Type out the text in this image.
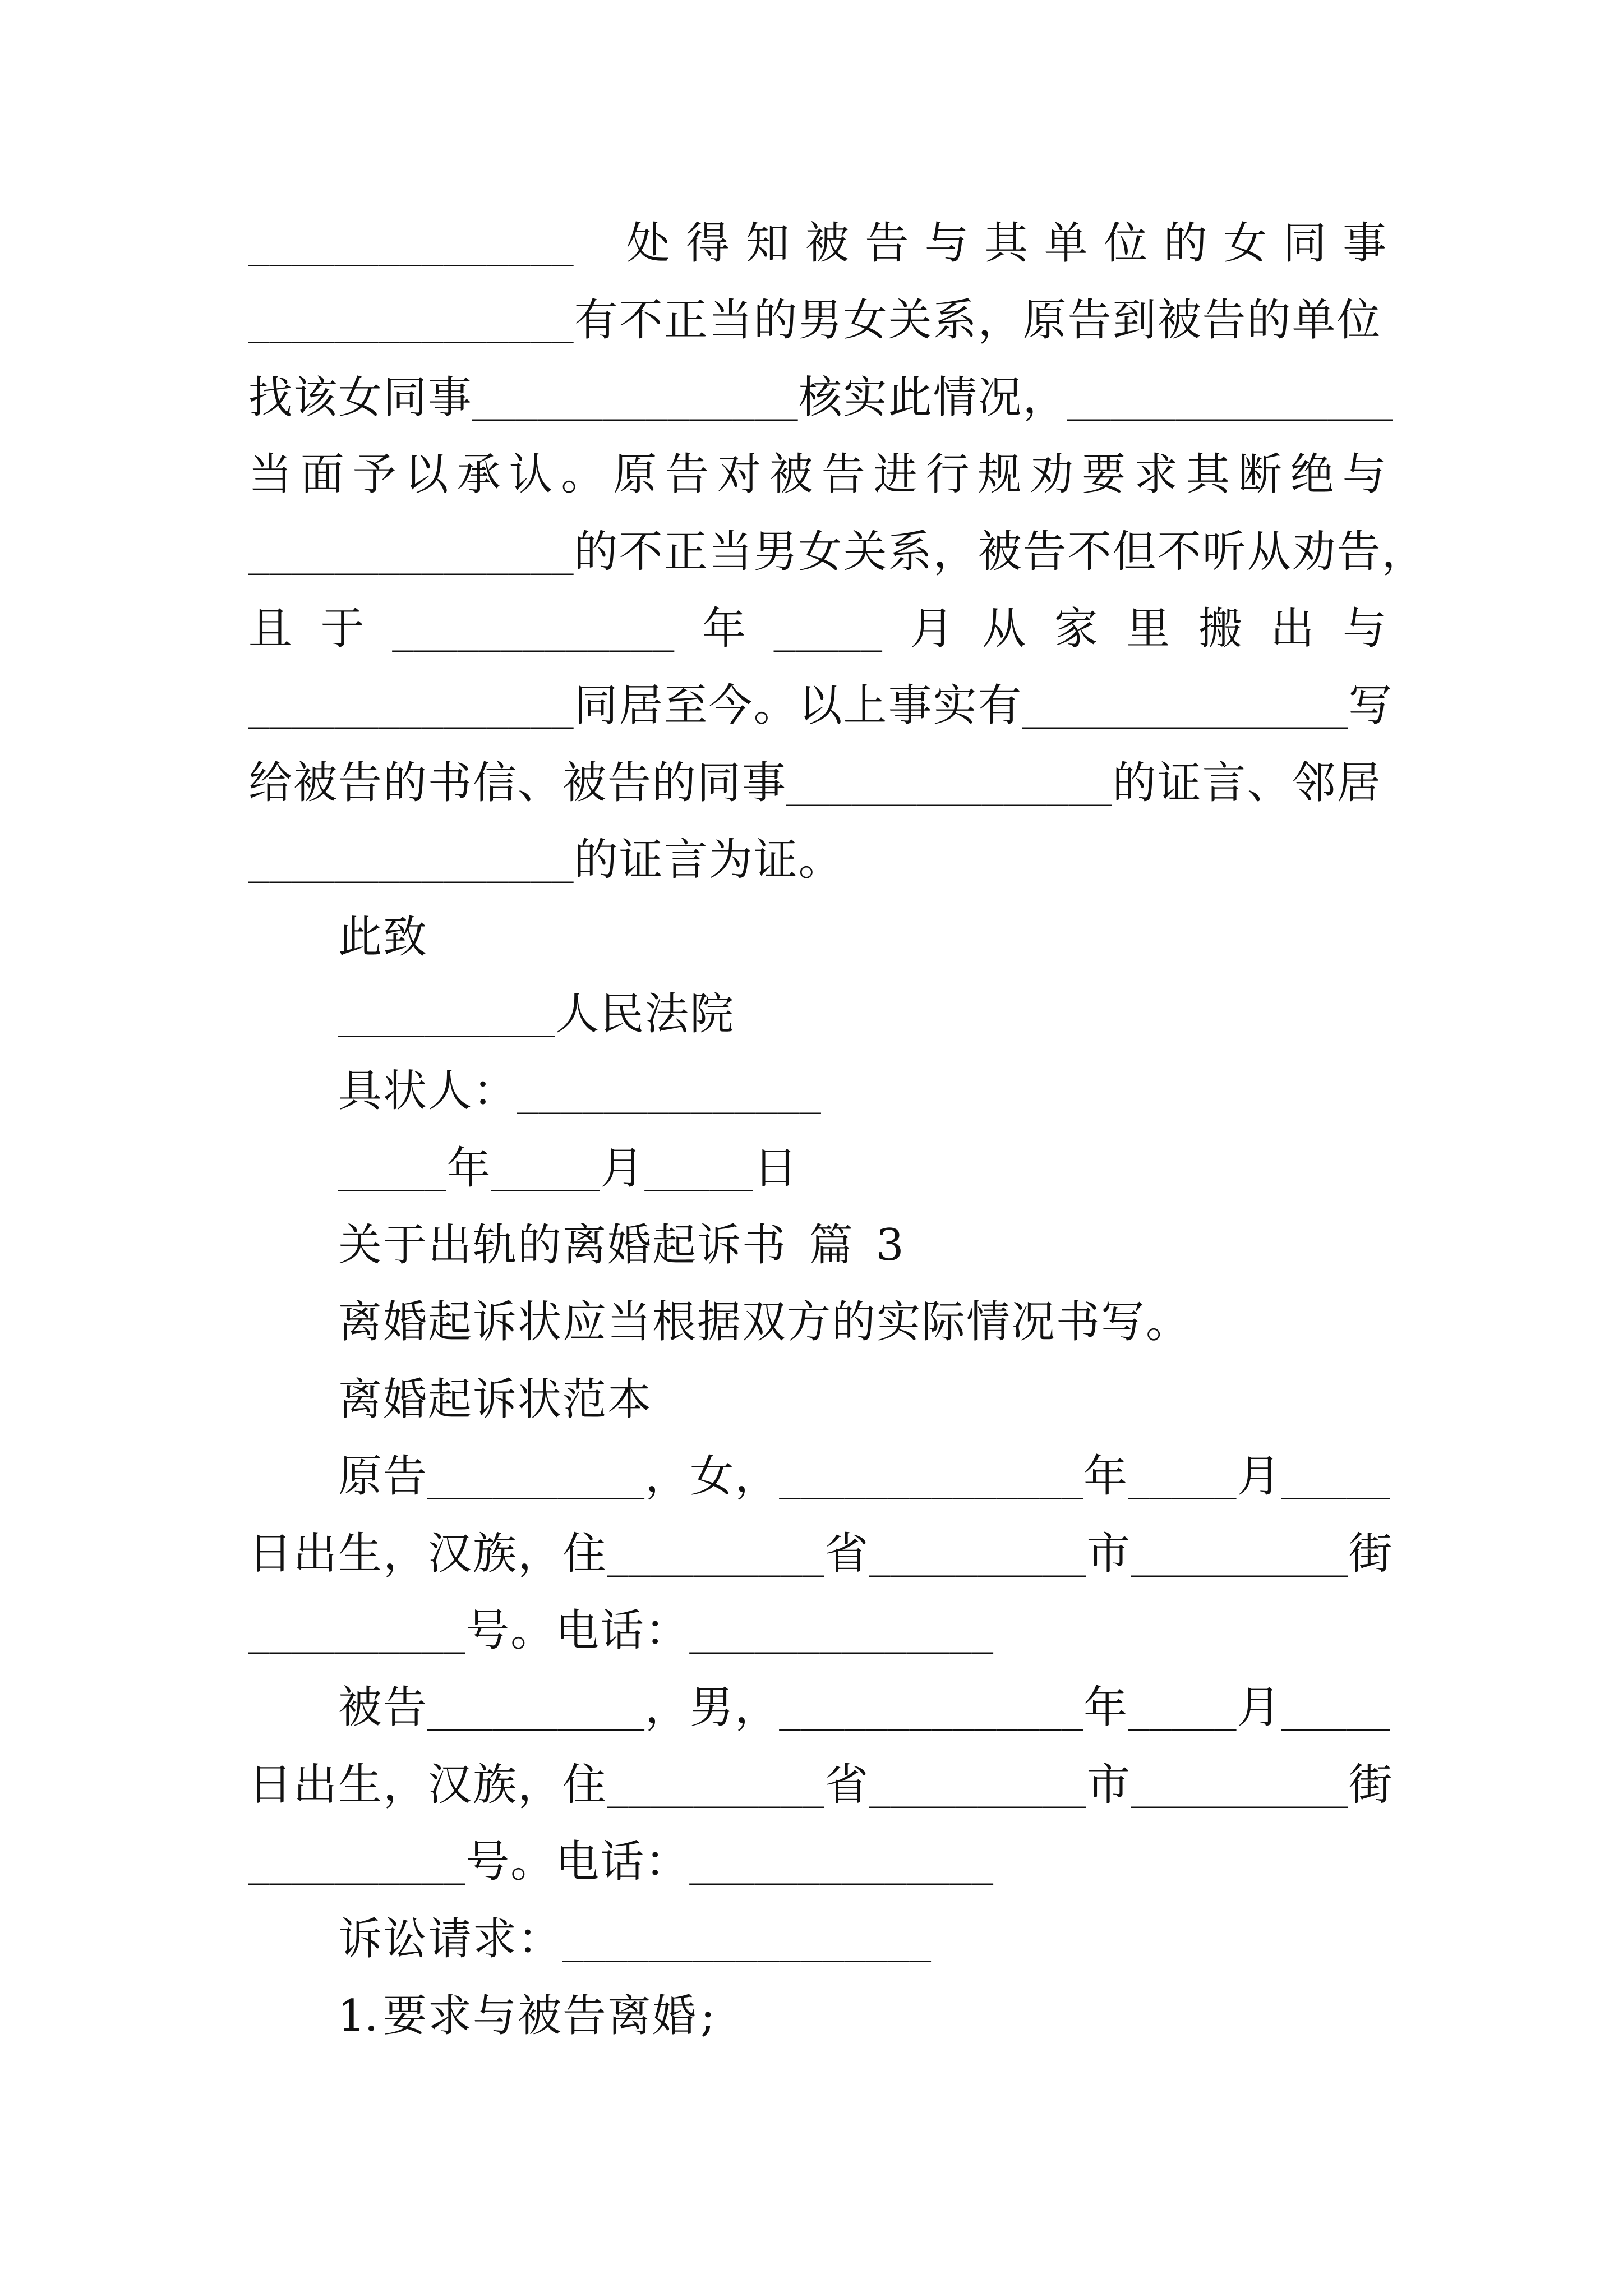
_______________
处 得 知 被 告 与 其 单 位 的 女 同 事
_______________有不正当的男女关系，原告到被告的单位
找该女同事_______________核实此情况，_______________
当 面 予 以 承 认 。 原 告 对 被 告 进 行 规 劝 要 求 其 断 绝 与
_______________的不正当男女关系，被告不但不听从劝告，
且 于 _____________ 年 _____ 月 从 家 里 搬 出 与
_______________同居至今。以上事实有_______________写
给被告的书信、被告的同事_______________的证言、邻居
_______________的证言为证。
此致
__________人民法院
具状人：______________
_____年_____月_____日
关于出轨的离婚起诉书 篇 3
离婚起诉状应当根据双方的实际情况书写。
离婚起诉状范本
原告__________，女，______________年_____月_____
日出生，汉族，住__________省__________市__________街
__________号。电话：______________
被告__________，男，______________年_____月_____
日出生，汉族，住__________省__________市__________街
__________号。电话：______________
诉讼请求：_________________
1. 要求与被告离婚 ;
